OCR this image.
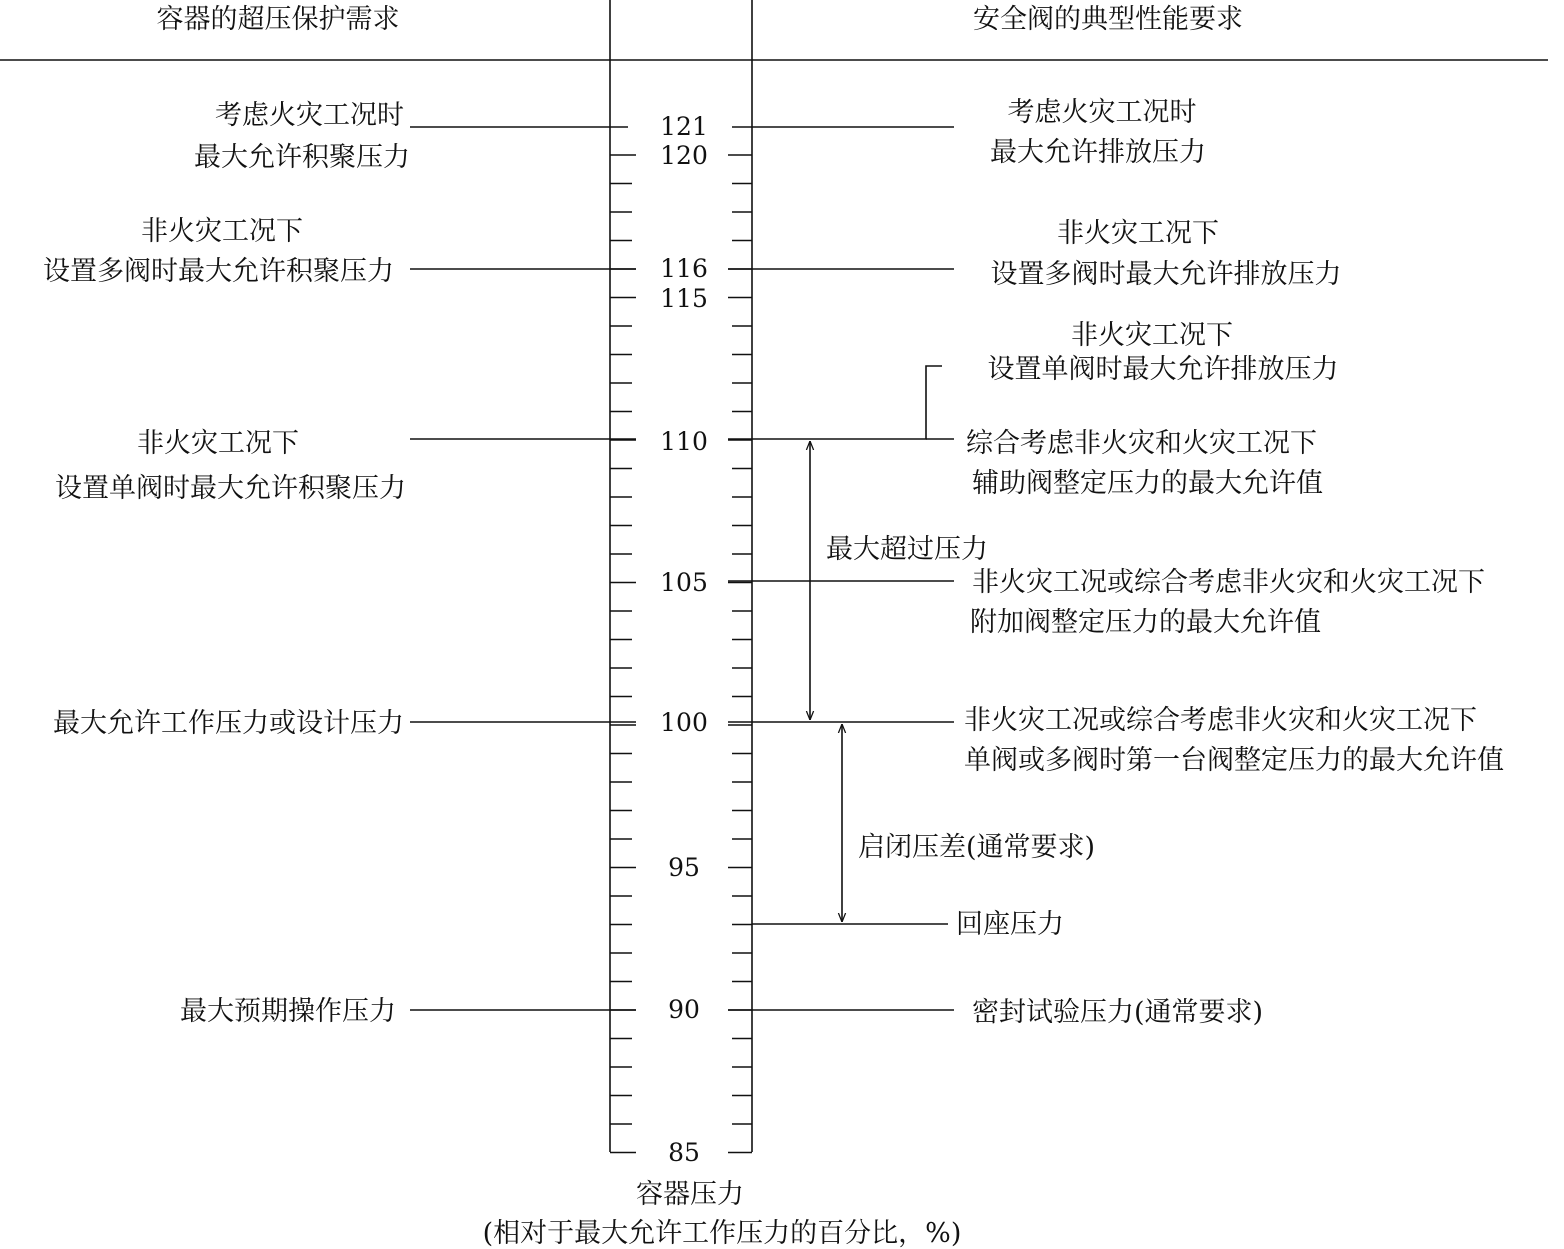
容器的超压保护需求	安全阀的典型性能要求
121
120
116
115
110
105
100
95
90
85
容器压力
(相对于最大允许工作压力的百分比，%)
考虑火灾工况时
最大允许积聚压力
非火灾工况下
设置多阀时最大允许积聚压力
非火灾工况下
设置单阀时最大允许积聚压力
最大允许工作压力或设计压力
最大预期操作压力
考虑火灾工况时
最大允许排放压力
非火灾工况下
设置多阀时最大允许排放压力
非火灾工况下
设置单阀时最大允许排放压力
综合考虑非火灾和火灾工况下
辅助阀整定压力的最大允许值
非火灾工况或综合考虑非火灾和火灾工况下
附加阀整定压力的最大允许值
非火灾工况或综合考虑非火灾和火灾工况下
单阀或多阀时第一台阀整定压力的最大允许值
回座压力
密封试验压力(通常要求)
最大超过压力
启闭压差(通常要求)
